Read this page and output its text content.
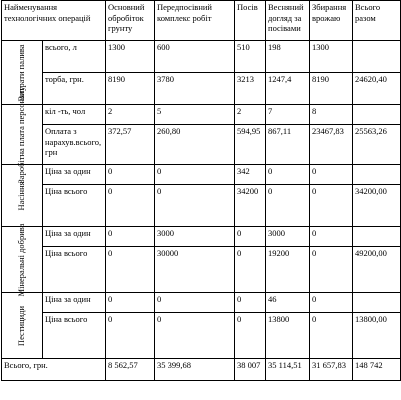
Найменування технологічних операцій		Основний обробіток грунту	Передпосівний комплекс робіт	Посів	Весняний догляд за посівами	Збирання врожаю	Всього разом

Витрати палива	всього, л	1300	600	510	198	1300	
	торба, грн.	8190	3780	3213	1247,4	8190	24620,40

Заробітна плата персоналу	кіл -ть, чол	2	5	2	7	8	
	Оплата з нарахув.всього, грн	372,57	260,80	594,95	867,11	23467,83	25563,26

Насіння	Ціна за один	0	0	342	0	0	
	Ціна всього	0	0	34200	0	0	34200,00

Мінеральні добрива	Ціна за один	0	3000	0	3000	0	
	Ціна всього	0	30000	0	19200	0	49200,00

Пестициди	Ціна за один	0	0	0	46	0	
	Ціна всього	0	0	0	13800	0	13800,00
Всього, грн.		8 562,57	35 399,68	38 007	35 114,51	31 657,83	148 742
